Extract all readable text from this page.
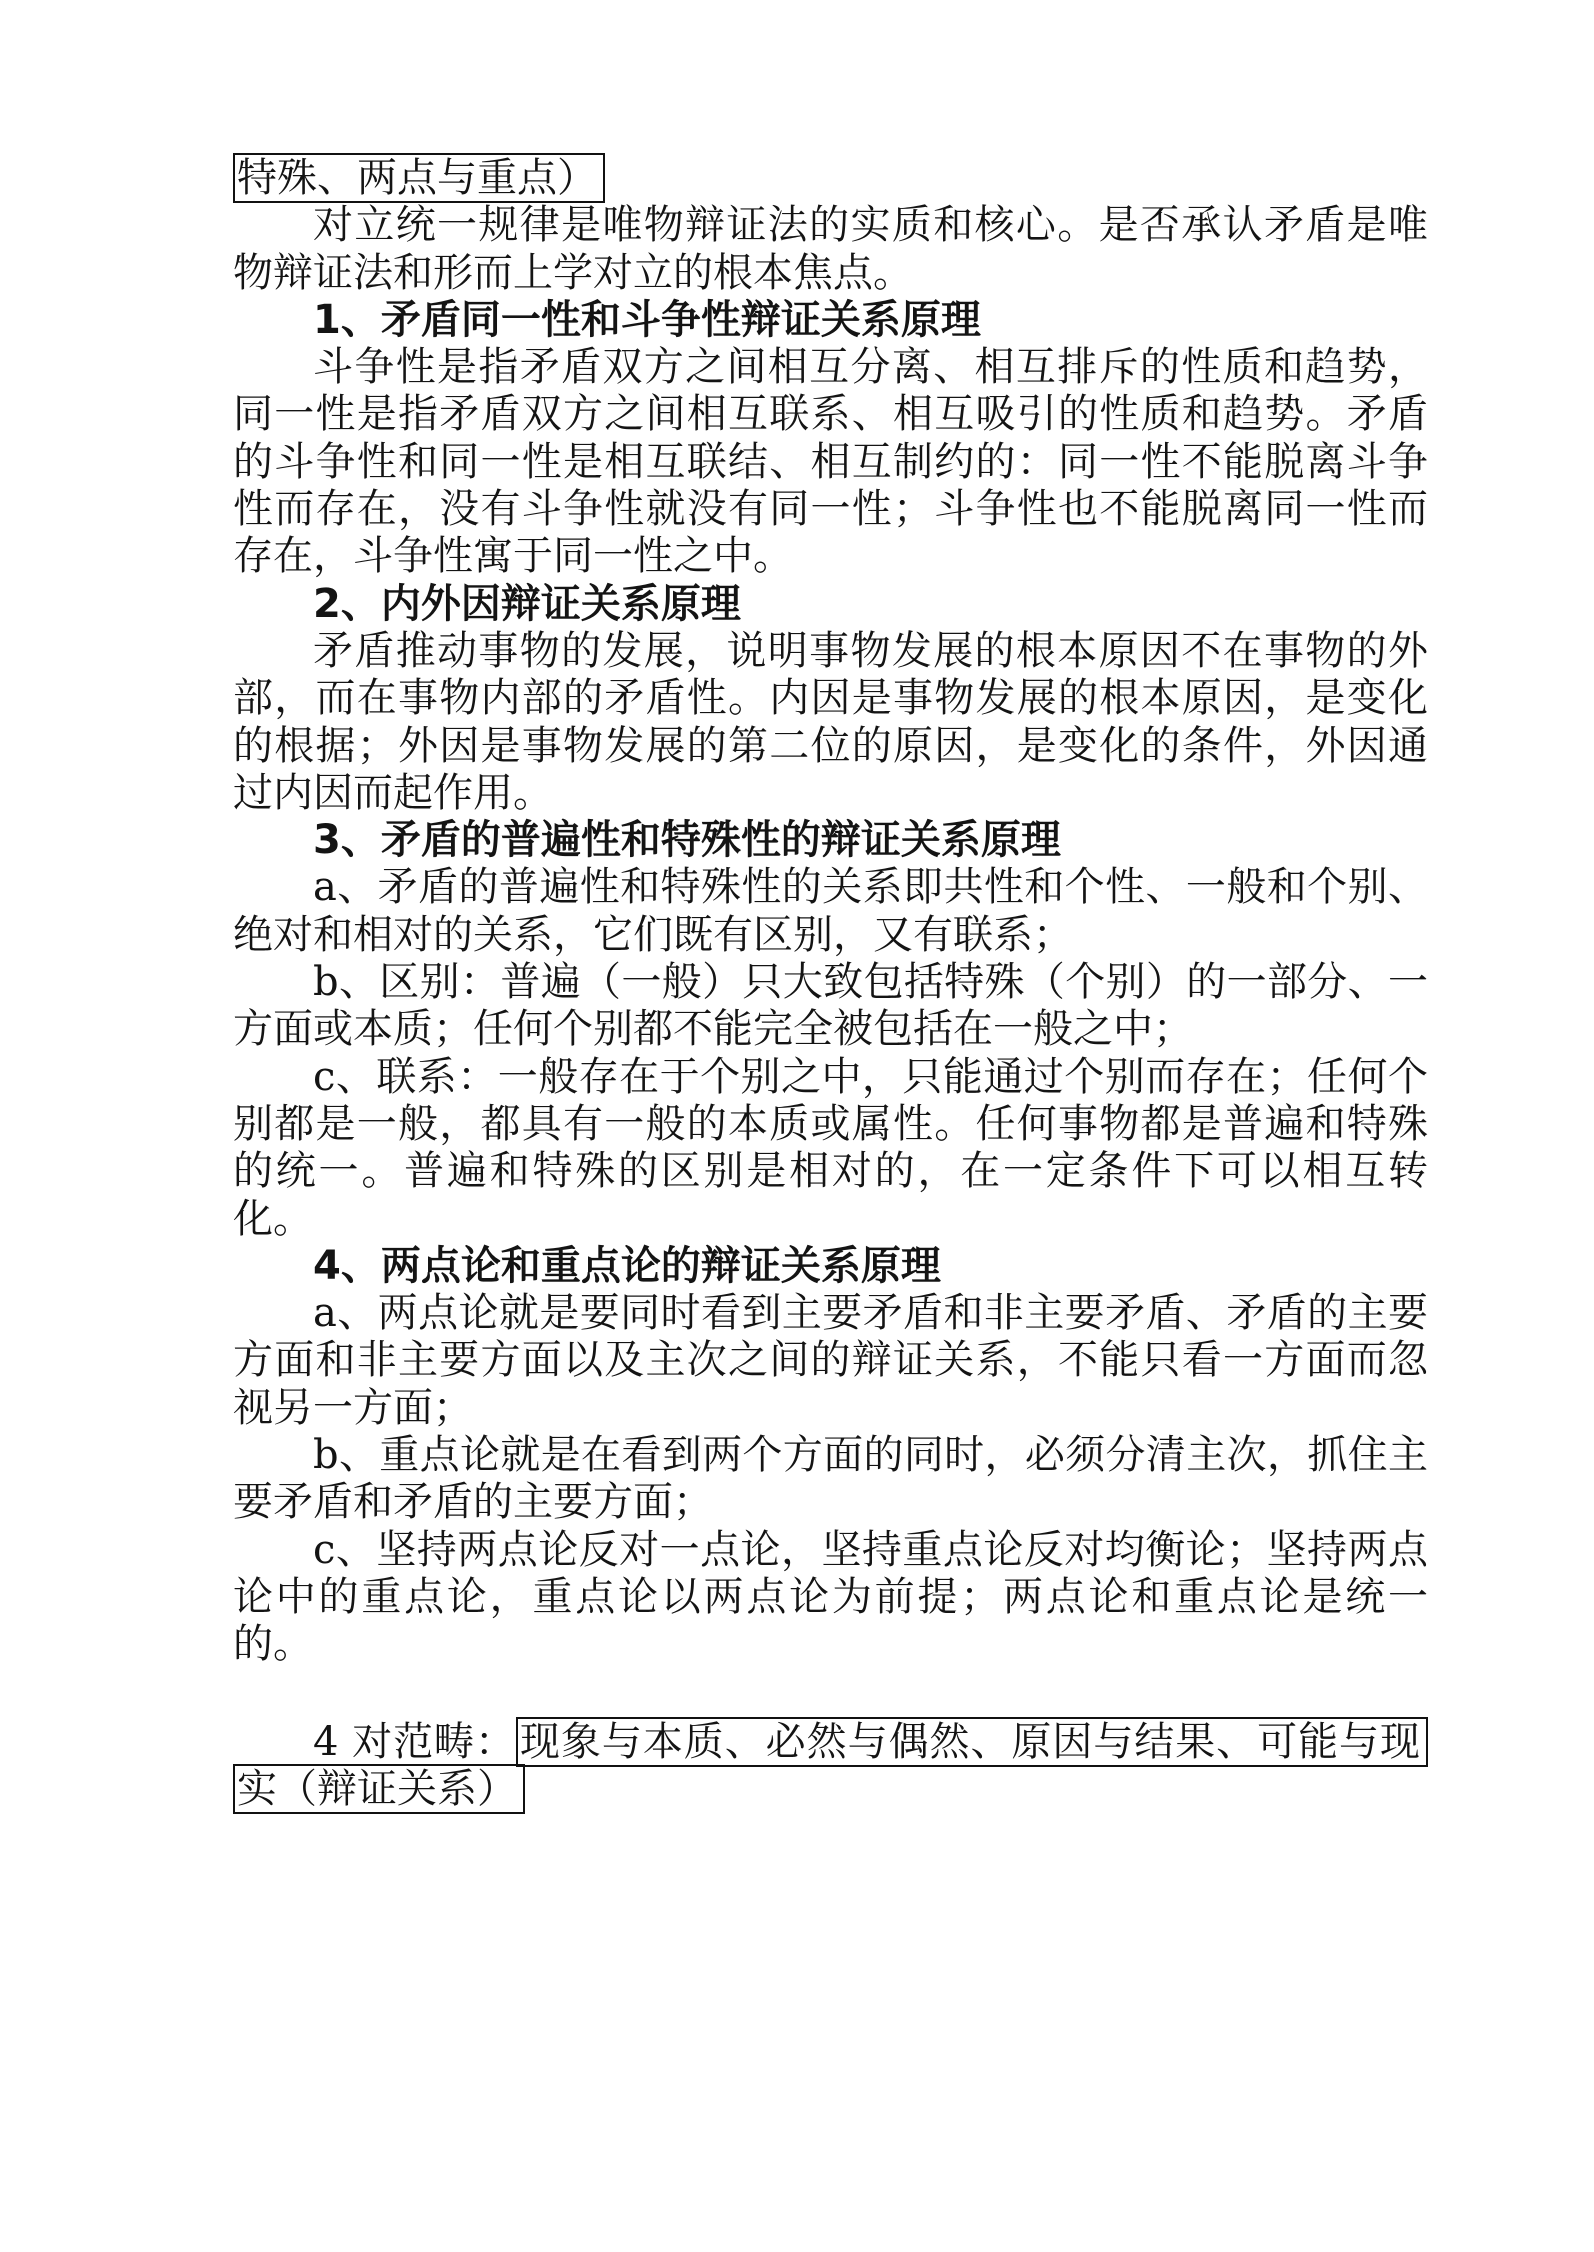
特殊、两点与重点）

对立统一规律是唯物辩证法的实质和核心。是否承认矛盾是唯物辩证法和形而上学对立的根本焦点。

1、矛盾同一性和斗争性辩证关系原理

斗争性是指矛盾双方之间相互分离、相互排斥的性质和趋势，同一性是指矛盾双方之间相互联系、相互吸引的性质和趋势。矛盾的斗争性和同一性是相互联结、相互制约的：同一性不能脱离斗争性而存在，没有斗争性就没有同一性；斗争性也不能脱离同一性而存在，斗争性寓于同一性之中。

2、内外因辩证关系原理

矛盾推动事物的发展，说明事物发展的根本原因不在事物的外部，而在事物内部的矛盾性。内因是事物发展的根本原因，是变化的根据；外因是事物发展的第二位的原因，是变化的条件，外因通过内因而起作用。

3、矛盾的普遍性和特殊性的辩证关系原理

a、矛盾的普遍性和特殊性的关系即共性和个性、一般和个别、绝对和相对的关系，它们既有区别，又有联系；

b、区别：普遍（一般）只大致包括特殊（个别）的一部分、一方面或本质；任何个别都不能完全被包括在一般之中；

c、联系：一般存在于个别之中，只能通过个别而存在；任何个别都是一般，都具有一般的本质或属性。任何事物都是普遍和特殊的统一。普遍和特殊的区别是相对的，在一定条件下可以相互转化。

4、两点论和重点论的辩证关系原理

a、两点论就是要同时看到主要矛盾和非主要矛盾、矛盾的主要方面和非主要方面以及主次之间的辩证关系，不能只看一方面而忽视另一方面；

b、重点论就是在看到两个方面的同时，必须分清主次，抓住主要矛盾和矛盾的主要方面；

c、坚持两点论反对一点论，坚持重点论反对均衡论；坚持两点论中的重点论，重点论以两点论为前提；两点论和重点论是统一的。

4 对范畴： 现象与本质、必然与偶然、原因与结果、可能与现实（辩证关系）
